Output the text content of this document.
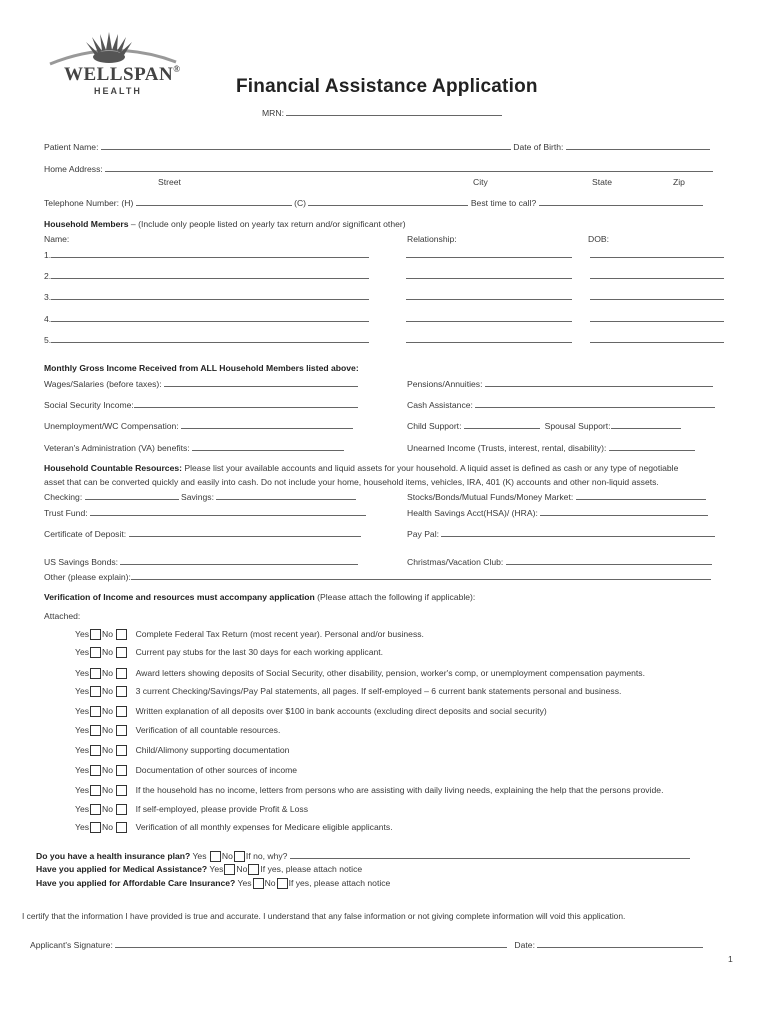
WELLSPAN®
HEALTH	Financial Assistance Application
MRN:
Patient Name:	Date of Birth:
Home Address:
Street	City	State	Zip
Telephone Number: (H)	(C)	Best time to call?
Household Members – (Include only people listed on yearly tax return and/or significant other)
Name:	Relationship:	DOB:
1.
2.
3.
4.
5.
Monthly Gross Income Received from ALL Household Members listed above:
Wages/Salaries (before taxes):	Pensions/Annuities:
Social Security Income:	Cash Assistance:
Unemployment/WC Compensation:	Child Support:	Spousal Support:
Veteran's Administration (VA) benefits:	Unearned Income (Trusts, interest, rental, disability):
Household Countable Resources: Please list your available accounts and liquid assets for your household. A liquid asset is defined as cash or any type of negotiable
asset that can be converted quickly and easily into cash. Do not include your home, household items, vehicles, IRA, 401 (K) accounts and other non-liquid assets.
Checking:	Savings:	Stocks/Bonds/Mutual Funds/Money Market:
Trust Fund:	Health Savings Acct(HSA)/ (HRA):
Certificate of Deposit:	Pay Pal:
US Savings Bonds:	Christmas/Vacation Club:
Other (please explain):
Verification of Income and resources must accompany application (Please attach the following if applicable):
Attached:
Yes No	Complete Federal Tax Return (most recent year). Personal and/or business.
Yes No	Current pay stubs for the last 30 days for each working applicant.
Yes No	Award letters showing deposits of Social Security, other disability, pension, worker's comp, or unemployment compensation payments.
Yes No	3 current Checking/Savings/Pay Pal statements, all pages. If self-employed – 6 current bank statements personal and business.
Yes No	Written explanation of all deposits over $100 in bank accounts (excluding direct deposits and social security)
Yes No	Verification of all countable resources.
Yes No	Child/Alimony supporting documentation
Yes No	Documentation of other sources of income
Yes No	If the household has no income, letters from persons who are assisting with daily living needs, explaining the help that the persons provide.
Yes No	If self-employed, please provide Profit & Loss
Yes No	Verification of all monthly expenses for Medicare eligible applicants.
Do you have a health insurance plan? Yes No If no, why?
Have you applied for Medical Assistance? Yes No If yes, please attach notice
Have you applied for Affordable Care Insurance? Yes No If yes, please attach notice
I certify that the information I have provided is true and accurate. I understand that any false information or not giving complete information will void this application.
Applicant's Signature:	Date:
1
